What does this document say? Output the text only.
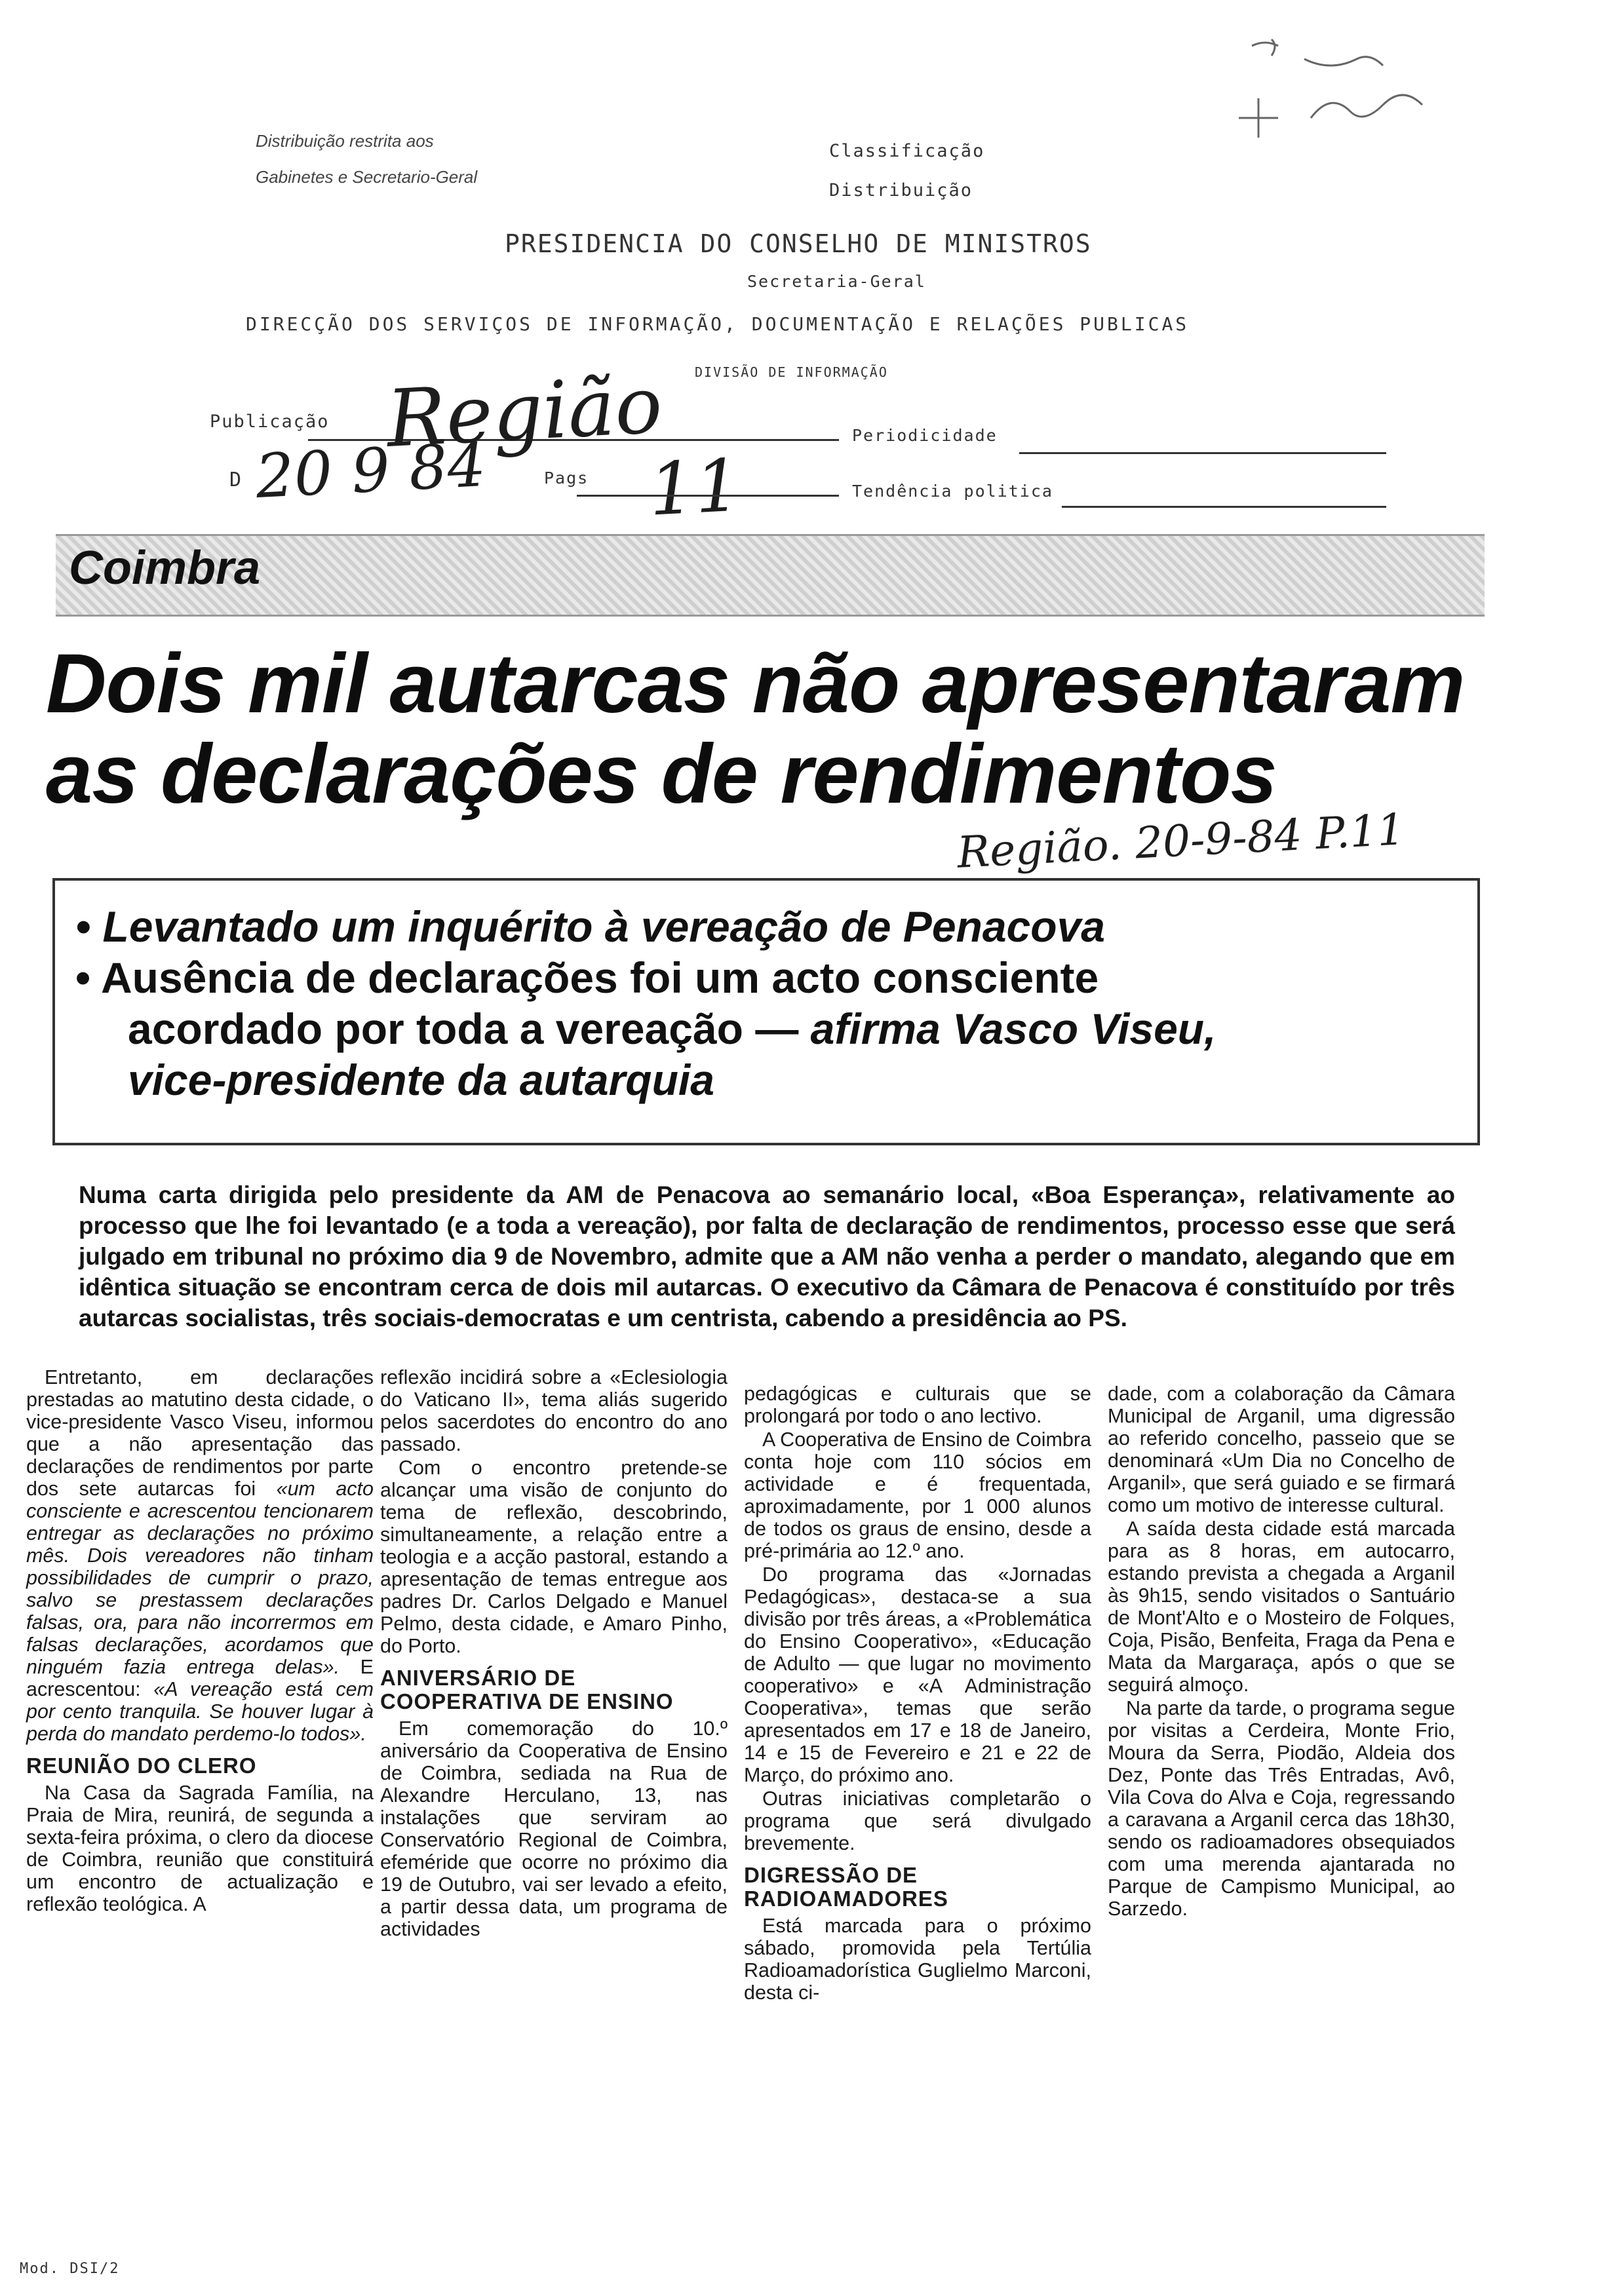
Distribuição restrita aos
Gabinetes e Secretario-Geral
Classificação
Distribuição
PRESIDENCIA DO CONSELHO DE MINISTROS
Secretaria-Geral
DIRECÇÃO DOS SERVIÇOS DE INFORMAÇÃO, DOCUMENTAÇÃO E RELAÇÕES PUBLICAS
DIVISÃO DE INFORMAÇÃO
Publicação Região
D 20 9 84	Pags 11
Periodicidade
Tendência politica
Coimbra
Dois mil autarcas não apresentaram
as declarações de rendimentos
Região. 20-9-84 P.11

• Levantado um inquérito à vereação de Penacova

• Ausência de declarações foi um acto consciente

acordado por toda a vereação — afirma Vasco Viseu,

vice-presidente da autarquia

Numa carta dirigida pelo presidente da AM de Penacova ao semanário local, «Boa Esperança», relativamente ao processo que lhe foi levantado (e a toda a vereação), por falta de declaração de rendimentos, processo esse que será julgado em tribunal no próximo dia 9 de Novembro, admite que a AM não venha a perder o mandato, alegando que em idêntica situação se encontram cerca de dois mil autarcas. O executivo da Câmara de Penacova é constituído por três autarcas socialistas, três sociais-democratas e um centrista, cabendo a presidência ao PS.

Entretanto, em declarações prestadas ao matutino desta cidade, o vice-presidente Vasco Viseu, informou que a não apresentação das declarações de rendimentos por parte dos sete autarcas foi «um acto consciente e acrescentou tencionarem entregar as declarações no próximo mês. Dois vereadores não tinham possibilidades de cumprir o prazo, salvo se prestassem declarações falsas, ora, para não incorrermos em falsas declarações, acordamos que ninguém fazia entrega delas». E acrescentou: «A vereação está cem por cento tranquila. Se houver lugar à perda do mandato perdemo-lo todos».

REUNIÃO DO CLERO

Na Casa da Sagrada Família, na Praia de Mira, reunirá, de segunda a sexta-feira próxima, o clero da diocese de Coimbra, reunião que constituirá um encontro de actualização e reflexão teológica. A

reflexão incidirá sobre a «Eclesiologia do Vaticano II», tema aliás sugerido pelos sacerdotes do encontro do ano passado.

Com o encontro pretende-se alcançar uma visão de conjunto do tema de reflexão, descobrindo, simultaneamente, a relação entre a teologia e a acção pastoral, estando a apresentação de temas entregue aos padres Dr. Carlos Delgado e Manuel Pelmo, desta cidade, e Amaro Pinho, do Porto.

ANIVERSÁRIO DE COOPERATIVA DE ENSINO

Em comemoração do 10.º aniversário da Cooperativa de Ensino de Coimbra, sediada na Rua de Alexandre Herculano, 13, nas instalações que serviram ao Conservatório Regional de Coimbra, efeméride que ocorre no próximo dia 19 de Outubro, vai ser levado a efeito, a partir dessa data, um programa de actividades

pedagógicas e culturais que se prolongará por todo o ano lectivo.

A Cooperativa de Ensino de Coimbra conta hoje com 110 sócios em actividade e é frequentada, aproximadamente, por 1 000 alunos de todos os graus de ensino, desde a pré-primária ao 12.º ano.

Do programa das «Jornadas Pedagógicas», destaca-se a sua divisão por três áreas, a «Problemática do Ensino Cooperativo», «Educação de Adulto — que lugar no movimento cooperativo» e «A Administração Cooperativa», temas que serão apresentados em 17 e 18 de Janeiro, 14 e 15 de Fevereiro e 21 e 22 de Março, do próximo ano.

Outras iniciativas completarão o programa que será divulgado brevemente.

DIGRESSÃO DE RADIOAMADORES

Está marcada para o próximo sábado, promovida pela Tertúlia Radioamadorística Guglielmo Marconi, desta ci-

dade, com a colaboração da Câmara Municipal de Arganil, uma digressão ao referido concelho, passeio que se denominará «Um Dia no Concelho de Arganil», que será guiado e se firmará como um motivo de interesse cultural.

A saída desta cidade está marcada para as 8 horas, em autocarro, estando prevista a chegada a Arganil às 9h15, sendo visitados o Santuário de Mont'Alto e o Mosteiro de Folques, Coja, Pisão, Benfeita, Fraga da Pena e Mata da Margaraça, após o que se seguirá almoço.

Na parte da tarde, o programa segue por visitas a Cerdeira, Monte Frio, Moura da Serra, Piodão, Aldeia dos Dez, Ponte das Três Entradas, Avô, Vila Cova do Alva e Coja, regressando a caravana a Arganil cerca das 18h30, sendo os radioamadores obsequiados com uma merenda ajantarada no Parque de Campismo Municipal, ao Sarzedo.

Mod. DSI/2
